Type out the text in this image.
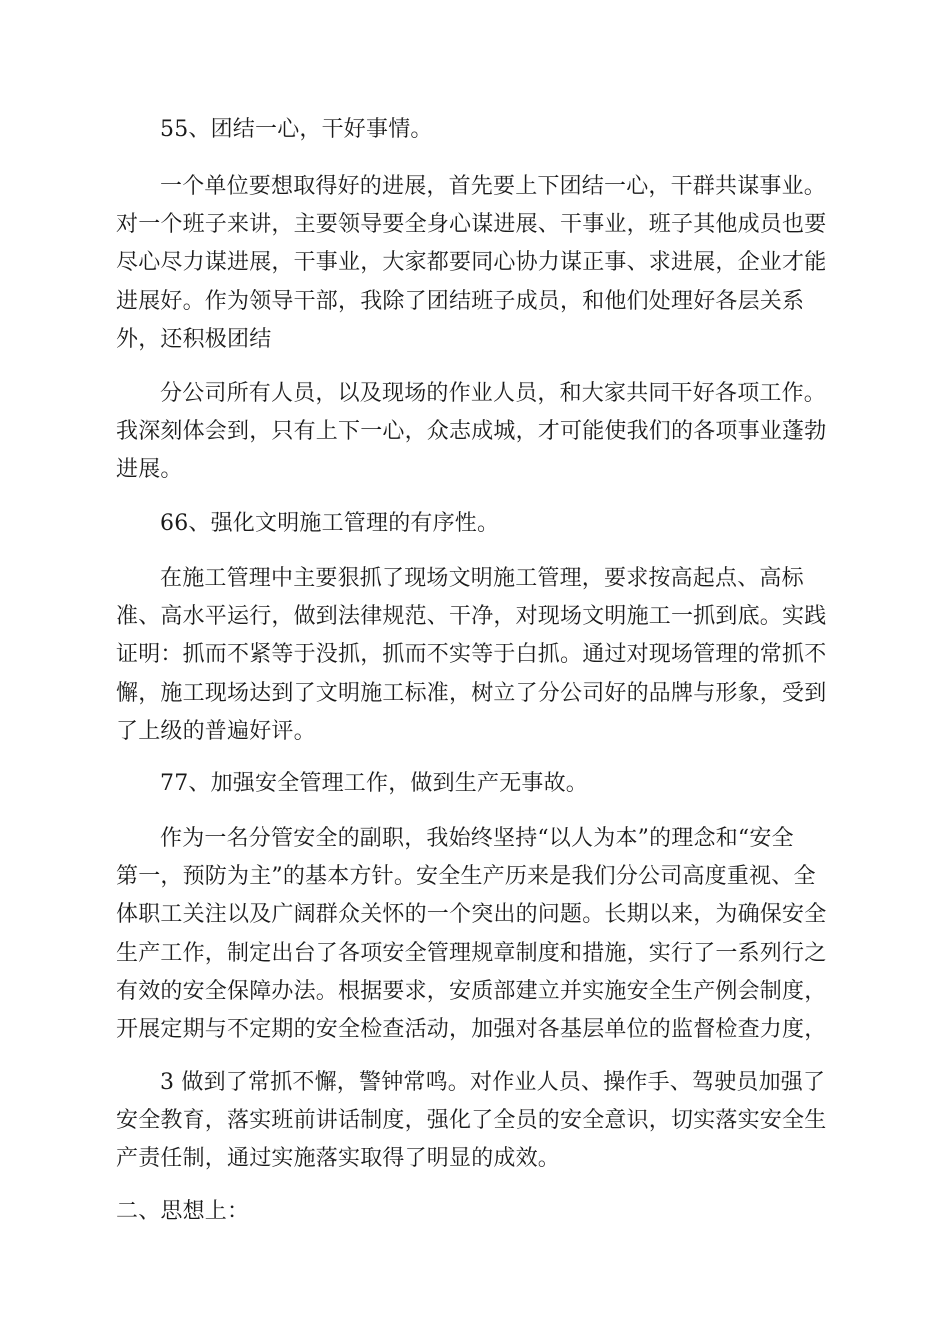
55、团结一心，干好事情。

一个单位要想取得好的进展，首先要上下团结一心，干群共谋事业。
对一个班子来讲，主要领导要全身心谋进展、干事业，班子其他成员也要
尽心尽力谋进展，干事业，大家都要同心协力谋正事、求进展，企业才能
进展好。作为领导干部，我除了团结班子成员，和他们处理好各层关系
外，还积极团结

分公司所有人员，以及现场的作业人员，和大家共同干好各项工作。
我深刻体会到，只有上下一心，众志成城，才可能使我们的各项事业蓬勃
进展。

66、强化文明施工管理的有序性。

在施工管理中主要狠抓了现场文明施工管理，要求按高起点、高标
准、高水平运行，做到法律规范、干净，对现场文明施工一抓到底。实践
证明：抓而不紧等于没抓，抓而不实等于白抓。通过对现场管理的常抓不
懈，施工现场达到了文明施工标准，树立了分公司好的品牌与形象，受到
了上级的普遍好评。

77、加强安全管理工作，做到生产无事故。

作为一名分管安全的副职，我始终坚持“以人为本”的理念和“安全
第一，预防为主”的基本方针。安全生产历来是我们分公司高度重视、全
体职工关注以及广阔群众关怀的一个突出的问题。长期以来，为确保安全
生产工作，制定出台了各项安全管理规章制度和措施，实行了一系列行之
有效的安全保障办法。根据要求，安质部建立并实施安全生产例会制度，
开展定期与不定期的安全检查活动，加强对各基层单位的监督检查力度，

3 做到了常抓不懈，警钟常鸣。对作业人员、操作手、驾驶员加强了
安全教育，落实班前讲话制度，强化了全员的安全意识，切实落实安全生
产责任制，通过实施落实取得了明显的成效。

二、思想上：
